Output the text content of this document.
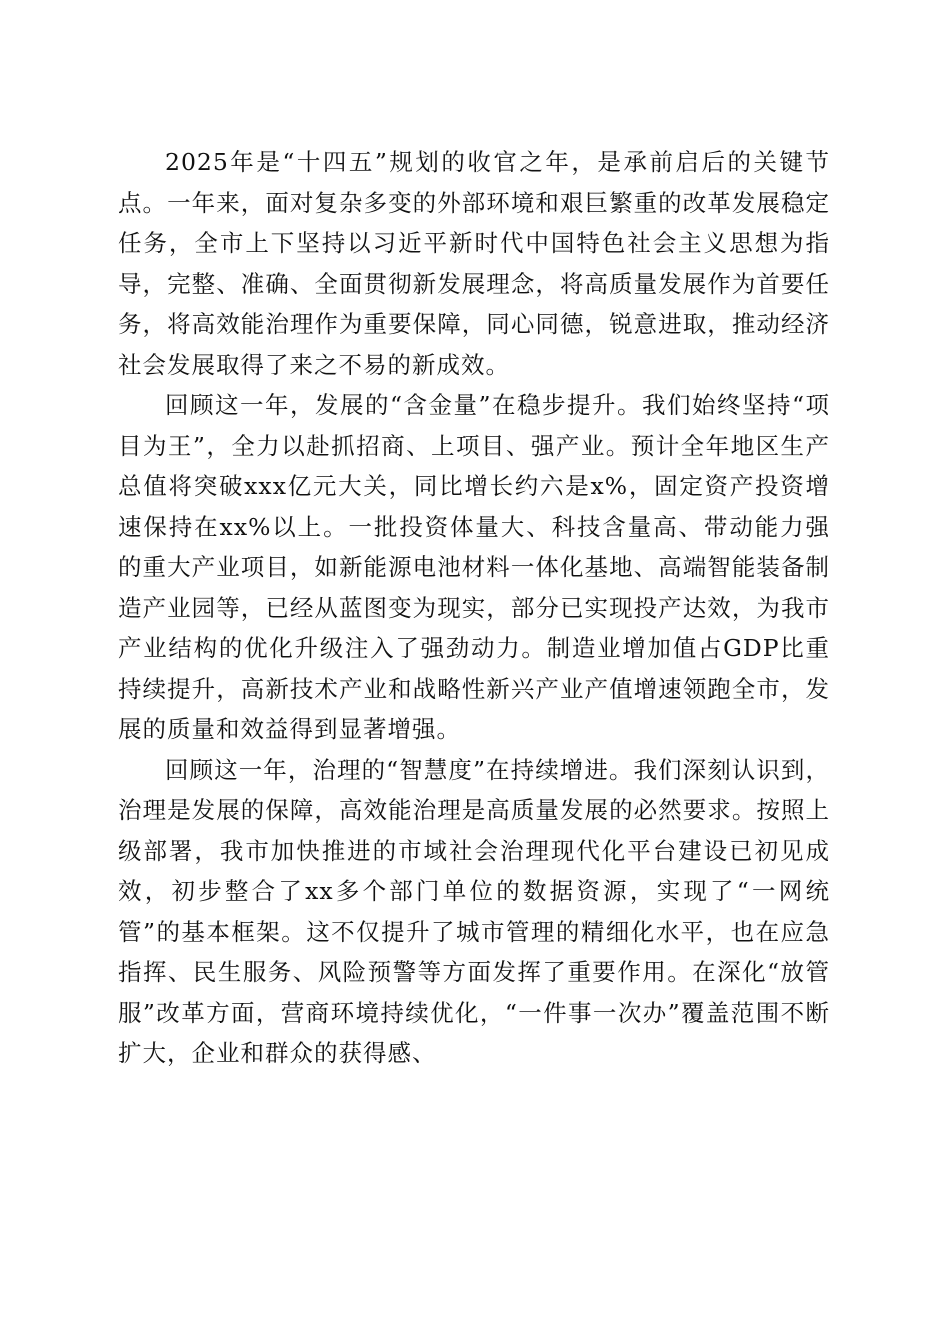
2025年是“十四五”规划的收官之年，是承前启后的关键节点。一年来，面对复杂多变的外部环境和艰巨繁重的改革发展稳定任务，全市上下坚持以习近平新时代中国特色社会主义思想为指导，完整、准确、全面贯彻新发展理念，将高质量发展作为首要任务，将高效能治理作为重要保障，同心同德，锐意进取，推动经济社会发展取得了来之不易的新成效。

回顾这一年，发展的“含金量”在稳步提升。我们始终坚持“项目为王”，全力以赴抓招商、上项目、强产业。预计全年地区生产总值将突破xxx亿元大关，同比增长约六是x%，固定资产投资增速保持在xx%以上。一批投资体量大、科技含量高、带动能力强的重大产业项目，如新能源电池材料一体化基地、高端智能装备制造产业园等，已经从蓝图变为现实，部分已实现投产达效，为我市产业结构的优化升级注入了强劲动力。制造业增加值占GDP比重持续提升，高新技术产业和战略性新兴产业产值增速领跑全市，发展的质量和效益得到显著增强。

回顾这一年，治理的“智慧度”在持续增进。我们深刻认识到，治理是发展的保障，高效能治理是高质量发展的必然要求。按照上级部署，我市加快推进的市域社会治理现代化平台建设已初见成效，初步整合了xx多个部门单位的数据资源，实现了“一网统管”的基本框架。这不仅提升了城市管理的精细化水平，也在应急指挥、民生服务、风险预警等方面发挥了重要作用。在深化“放管服”改革方面，营商环境持续优化，“一件事一次办”覆盖范围不断扩大，企业和群众的获得感、
